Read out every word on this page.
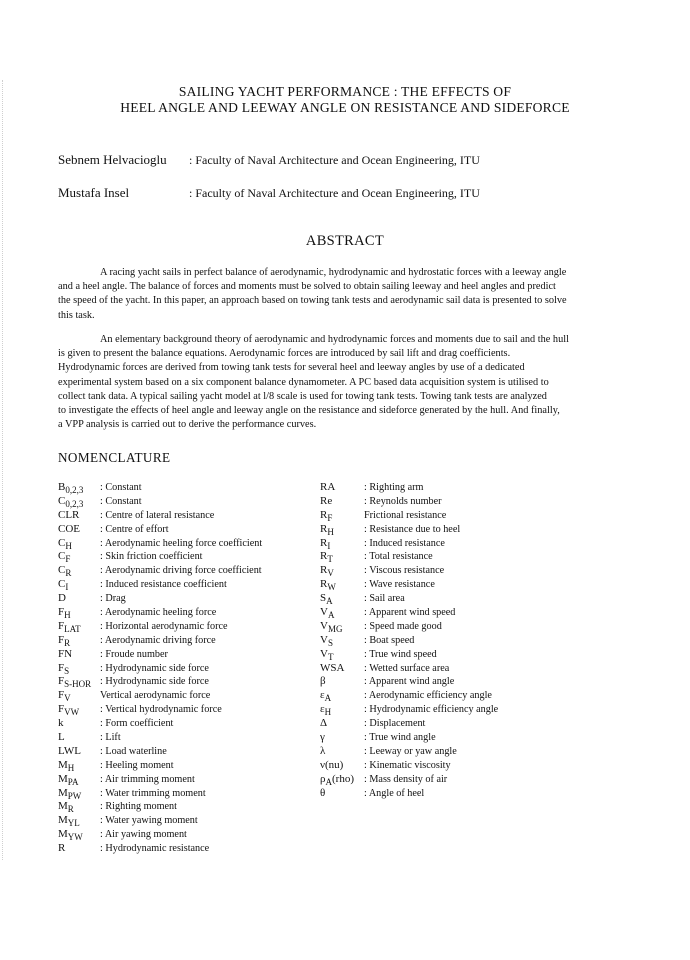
SAILING YACHT PERFORMANCE : THE EFFECTS OF
HEEL ANGLE AND LEEWAY ANGLE ON RESISTANCE AND SIDEFORCE
Sebnem Helvacioglu : Faculty of Naval Architecture and Ocean Engineering, ITU
Mustafa Insel	: Faculty of Naval Architecture and Ocean Engineering, ITU
ABSTRACT
A racing yacht sails in perfect balance of aerodynamic, hydrodynamic and hydrostatic forces with a leeway angle
and a heel angle. The balance of forces and moments must be solved to obtain sailing leeway and heel angles and predict
the speed of the yacht. In this paper, an approach based on towing tank tests and aerodynamic sail data is presented to solve
this task.
An elementary background theory of aerodynamic and hydrodynamic forces and moments due to sail and the hull
is given to present the balance equations. Aerodynamic forces are introduced by sail lift and drag coefficients.
Hydrodynamic forces are derived from towing tank tests for several heel and leeway angles by use of a dedicated
experimental system based on a six component balance dynamometer. A PC based data acquisition system is utilised to
collect tank data. A typical sailing yacht model at l/8 scale is used for towing tank tests. Towing tank tests are analyzed
to investigate the effects of heel angle and leeway angle on the resistance and sideforce generated by the hull. And finally,
a VPP analysis is carried out to derive the performance curves.
NOMENCLATURE
$B_{0,2,3}$ : Constant
$C_{0,2,3}$ : Constant
CLR : Centre of lateral resistance
COE : Centre of effort
$C_H$	: Aerodynamic heeling force coefficient
$C_F$	: Skin friction coefficient
$C_R$	: Aerodynamic driving force coefficient
$C_I$	: Induced resistance coefficient
D	: Drag
$F_H$	: Aerodynamic heeling force
$F_{LAT}$ : Horizontal aerodynamic force
$F_R$	: Aerodynamic driving force
FN	: Froude number
$F_S$	: Hydrodynamic side force
$F_{S-HOR}$ : Hydrodynamic side force
$F_V$	Vertical aerodynamic force
$F_{VW}$ : Vertical hydrodynamic force
k	: Form coefficient
L	: Lift
LWL : Load waterline
$M_H$	: Heeling moment
$M_{PA}$ : Air trimming moment
$M_{PW}$ : Water trimming moment
$M_R$	: Righting moment
$M_{YL}$ : Water yawing moment
$M_{YW}$ : Air yawing moment
R	: Hydrodynamic resistance
RA	: Righting arm
Re	: Reynolds number
$R_F$	Frictional resistance
$R_H$	: Resistance due to heel
$R_I$	: Induced resistance
$R_T$	: Total resistance
$R_V$	: Viscous resistance
$R_W$	: Wave resistance
$S_A$	: Sail area
$V_A$	: Apparent wind speed
$V_{MG}$ : Speed made good
$V_S$	: Boat speed
$V_T$	: True wind speed
WSA : Wetted surface area
β	: Apparent wind angle
$\varepsilon_A$	: Aerodynamic efficiency angle
$\varepsilon_H$	: Hydrodynamic efficiency angle
Δ	: Displacement
γ	: True wind angle
λ	: Leeway or yaw angle
ν(nu) : Kinematic viscosity
$\rho_A(rho)$ : Mass density of air
θ	: Angle of heel
